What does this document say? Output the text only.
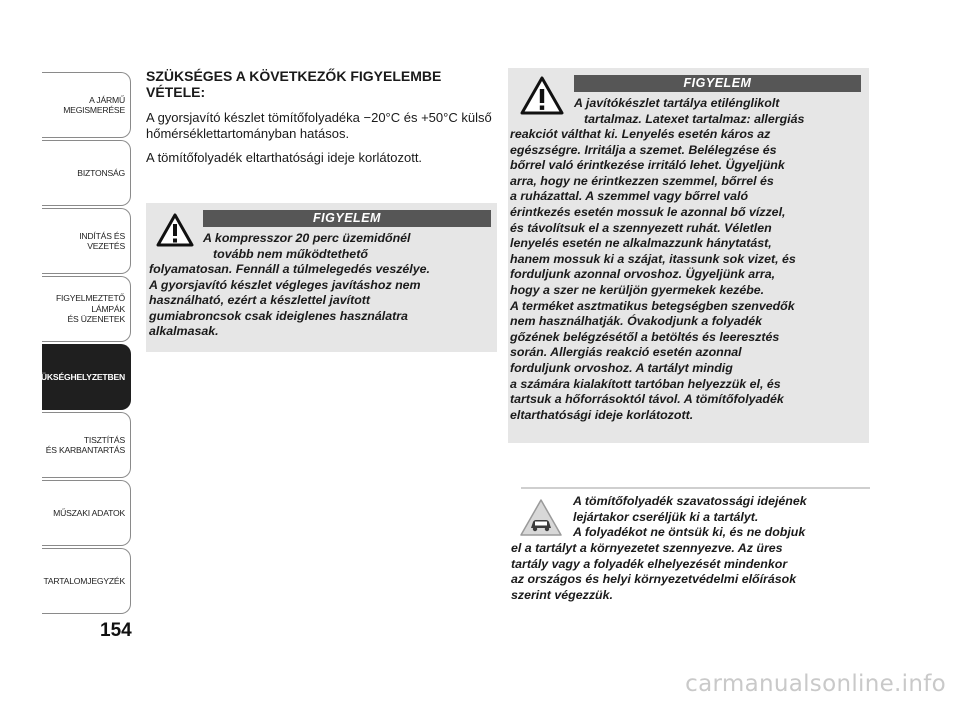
A JÁRMŰ
MEGISMERÉSE
BIZTONSÁG
INDÍTÁS ÉS VEZETÉS
FIGYELMEZTETŐ
LÁMPÁK
ÉS ÜZENETEK
SZÜKSÉGHELYZETBEN
TISZTÍTÁS
ÉS KARBANTARTÁS
MŰSZAKI ADATOK
TARTALOMJEGYZÉK
154
SZÜKSÉGES A KÖVETKEZŐK FIGYELEMBE VÉTELE:
A gyorsjavító készlet tömítőfolyadéka −20°C és +50°C külső hőmérséklettartományban hatásos.
A tömítőfolyadék eltarthatósági ideje korlátozott.
FIGYELEM

A kompresszor 20 perc üzemidőnél
tovább nem működtethető

folyamatosan. Fennáll a túlmelegedés veszélye.
A gyorsjavító készlet végleges javításhoz nem
használható, ezért a készlettel javított
gumiabroncsok csak ideiglenes használatra
alkalmasak.

FIGYELEM

A javítókészlet tartálya etilénglikolt
tartalmaz. Latexet tartalmaz: allergiás

reakciót válthat ki. Lenyelés esetén káros az
egészségre. Irritálja a szemet. Belélegzése és
bőrrel való érintkezése irritáló lehet. Ügyeljünk
arra, hogy ne érintkezzen szemmel, bőrrel és
a ruházattal. A szemmel vagy bőrrel való
érintkezés esetén mossuk le azonnal bő vízzel,
és távolítsuk el a szennyezett ruhát. Véletlen
lenyelés esetén ne alkalmazzunk hánytatást,
hanem mossuk ki a szájat, itassunk sok vizet, és
forduljunk azonnal orvoshoz. Ügyeljünk arra,
hogy a szer ne kerüljön gyermekek kezébe.
A terméket asztmatikus betegségben szenvedők
nem használhatják. Óvakodjunk a folyadék
gőzének belégzésétől a betöltés és leeresztés
során. Allergiás reakció esetén azonnal
forduljunk orvoshoz. A tartályt mindig
a számára kialakított tartóban helyezzük el, és
tartsuk a hőforrásoktól távol. A tömítőfolyadék
eltarthatósági ideje korlátozott.

A tömítőfolyadék szavatossági idejének
lejártakor cseréljük ki a tartályt.
A folyadékot ne öntsük ki, és ne dobjuk

el a tartályt a környezetet szennyezve. Az üres
tartály vagy a folyadék elhelyezését mindenkor
az országos és helyi környezetvédelmi előírások
szerint végezzük.

carmanualsonline.info
